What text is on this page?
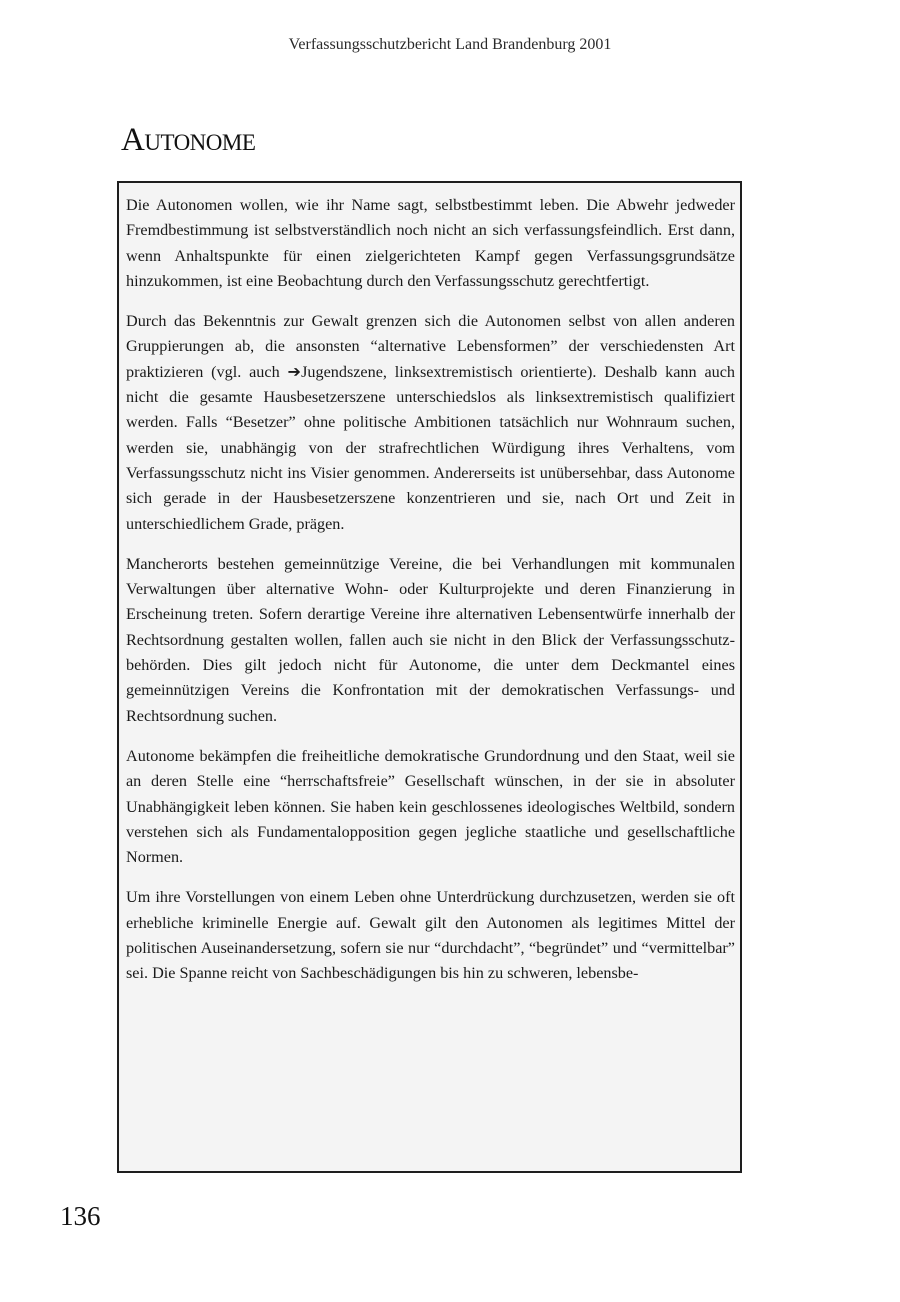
Verfassungsschutzbericht Land Brandenburg 2001
Autonome

Die Autonomen wollen, wie ihr Name sagt, selbstbestimmt leben. Die Abwehr jedweder Fremdbestimmung ist selbstverständlich noch nicht an sich verfassungsfeindlich. Erst dann, wenn Anhaltspunkte für einen zielgerichteten Kampf gegen Verfassungsgrundsätze hinzukommen, ist eine Beobachtung durch den Verfassungsschutz gerechtfertigt.

Durch das Bekenntnis zur Gewalt grenzen sich die Autonomen selbst von allen anderen Gruppierungen ab, die ansonsten “alternative Lebensformen” der verschiedensten Art praktizieren (vgl. auch ➔Jugendszene, linksextremistisch orientierte). Deshalb kann auch nicht die gesamte Hausbesetzerszene unterschiedslos als linksextremistisch qualifiziert werden. Falls “Besetzer” ohne politische Ambitionen tatsächlich nur Wohnraum suchen, werden sie, unabhängig von der strafrechtlichen Würdigung ihres Verhaltens, vom Verfassungsschutz nicht ins Visier genommen. Andererseits ist unübersehbar, dass Autonome sich gerade in der Hausbesetzerszene konzentrieren und sie, nach Ort und Zeit in unterschiedlichem Grade, prägen.

Mancherorts bestehen gemeinnützige Vereine, die bei Verhandlungen mit kommunalen Verwaltungen über alternative Wohn- oder Kulturprojekte und deren Finanzierung in Erscheinung treten. Sofern derartige Vereine ihre alternativen Lebensentwürfe innerhalb der Rechtsordnung gestalten wollen, fallen auch sie nicht in den Blick der Verfassungsschutzbehörden. Dies gilt jedoch nicht für Autonome, die unter dem Deckmantel eines gemeinnützigen Vereins die Konfrontation mit der demokratischen Verfassungs- und Rechtsordnung suchen.

Autonome bekämpfen die freiheitliche demokratische Grundordnung und den Staat, weil sie an deren Stelle eine “herrschaftsfreie” Gesellschaft wünschen, in der sie in absoluter Unabhängigkeit leben können. Sie haben kein geschlossenes ideologisches Weltbild, sondern verstehen sich als Fundamentalopposition gegen jegliche staatliche und gesellschaftliche Normen.

Um ihre Vorstellungen von einem Leben ohne Unterdrückung durchzusetzen, werden sie oft erhebliche kriminelle Energie auf. Gewalt gilt den Autonomen als legitimes Mittel der politischen Auseinandersetzung, sofern sie nur “durchdacht”, “begründet” und “vermittelbar” sei. Die Spanne reicht von Sachbeschädigungen bis hin zu schweren, lebensbe-

136
